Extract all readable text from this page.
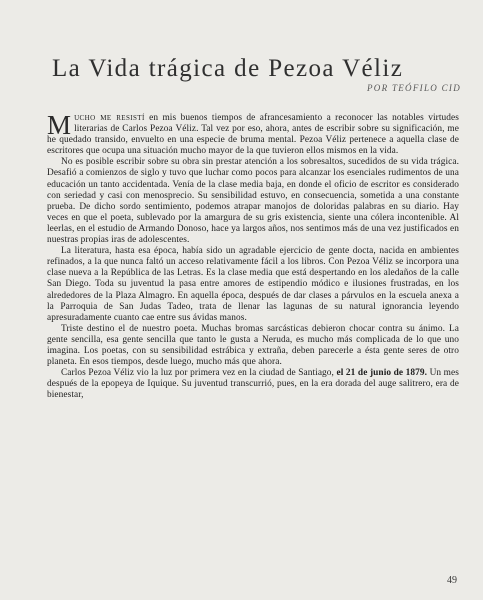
La Vida trágica de Pezoa Véliz
POR TEÓFILO CID

M ucho me resistí en mis buenos tiempos de afrancesamiento a reconocer las notables virtudes literarias de Carlos Pezoa Véliz. Tal vez por eso, ahora, antes de escribir sobre su significación, me he quedado transido, envuelto en una especie de bruma mental. Pezoa Véliz pertenece a aquella clase de escritores que ocupa una situación mucho mayor de la que tuvieron ellos mismos en la vida.

No es posible escribir sobre su obra sin prestar atención a los sobresaltos, sucedidos de su vida trágica. Desafió a comienzos de siglo y tuvo que luchar como pocos para alcanzar los esenciales rudimentos de una educación un tanto accidentada. Venía de la clase media baja, en donde el oficio de escritor es considerado con seriedad y casi con menosprecio. Su sensibilidad estuvo, en consecuencia, sometida a una constante prueba. De dicho sordo sentimiento, podemos atrapar manojos de doloridas palabras en su diario. Hay veces en que el poeta, sublevado por la amargura de su gris existencia, siente una cólera incontenible. Al leerlas, en el estudio de Armando Donoso, hace ya largos años, nos sentimos más de una vez justificados en nuestras propias iras de adolescentes.

La literatura, hasta esa época, había sido un agradable ejercicio de gente docta, nacida en ambientes refinados, a la que nunca faltó un acceso relativamente fácil a los libros. Con Pezoa Véliz se incorpora una clase nueva a la República de las Letras. Es la clase media que está despertando en los aledaños de la calle San Diego. Toda su juventud la pasa entre amores de estipendio módico e ilusiones frustradas, en los alrededores de la Plaza Almagro. En aquella época, después de dar clases a párvulos en la escuela anexa a la Parroquia de San Judas Tadeo, trata de llenar las lagunas de su natural ignorancia leyendo apresuradamente cuanto cae entre sus ávidas manos.

Triste destino el de nuestro poeta. Muchas bromas sarcásticas debieron chocar contra su ánimo. La gente sencilla, esa gente sencilla que tanto le gusta a Neruda, es mucho más complicada de lo que uno imagina. Los poetas, con su sensibilidad estrábica y extraña, deben parecerle a ésta gente seres de otro planeta. En esos tiempos, desde luego, mucho más que ahora.

Carlos Pezoa Véliz vio la luz por primera vez en la ciudad de Santiago, el 21 de junio de 1879. Un mes después de la epopeya de Iquique. Su juventud transcurrió, pues, en la era dorada del auge salitrero, era de bienestar,

49
